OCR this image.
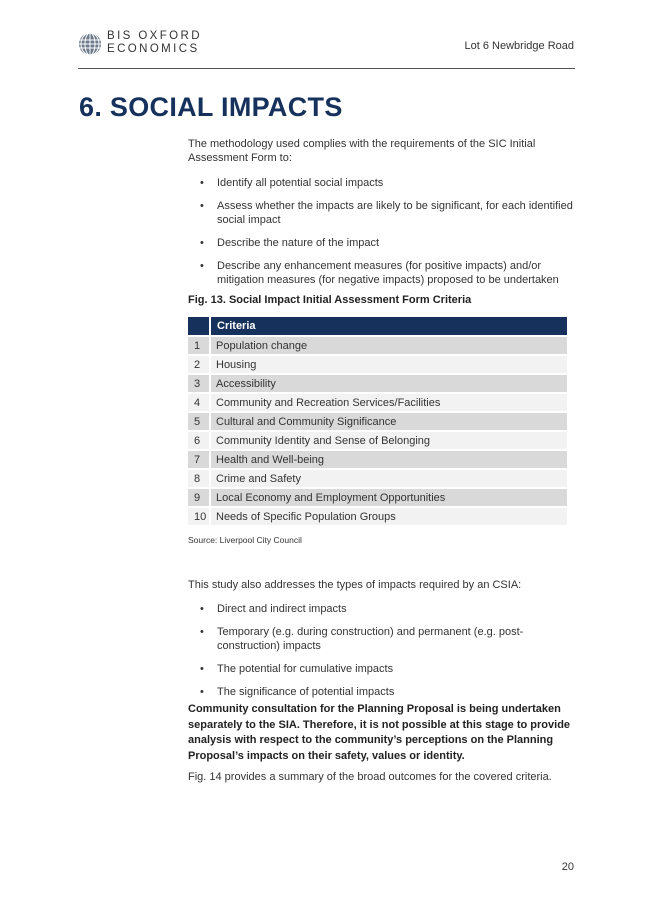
BIS OXFORD
ECONOMICS	Lot 6 Newbridge Road
6. SOCIAL IMPACTS

The methodology used complies with the requirements of the SIC Initial Assessment Form to:

• Identify all potential social impacts
• Assess whether the impacts are likely to be significant, for each identified social impact
• Describe the nature of the impact
• Describe any enhancement measures (for positive impacts) and/or mitigation measures (for negative impacts) proposed to be undertaken
Fig. 13. Social Impact Initial Assessment Form Criteria
	Criteria
1	Population change
2	Housing
3	Accessibility
4	Community and Recreation Services/Facilities
5	Cultural and Community Significance
6	Community Identity and Sense of Belonging
7	Health and Well-being
8	Crime and Safety
9	Local Economy and Employment Opportunities
10	Needs of Specific Population Groups
Source: Liverpool City Council

This study also addresses the types of impacts required by an CSIA:

• Direct and indirect impacts
• Temporary (e.g. during construction) and permanent (e.g. post-construction) impacts
• The potential for cumulative impacts
• The significance of potential impacts

Community consultation for the Planning Proposal is being undertaken separately to the SIA. Therefore, it is not possible at this stage to provide analysis with respect to the community’s perceptions on the Planning Proposal’s impacts on their safety, values or identity.

Fig. 14 provides a summary of the broad outcomes for the covered criteria.

20
